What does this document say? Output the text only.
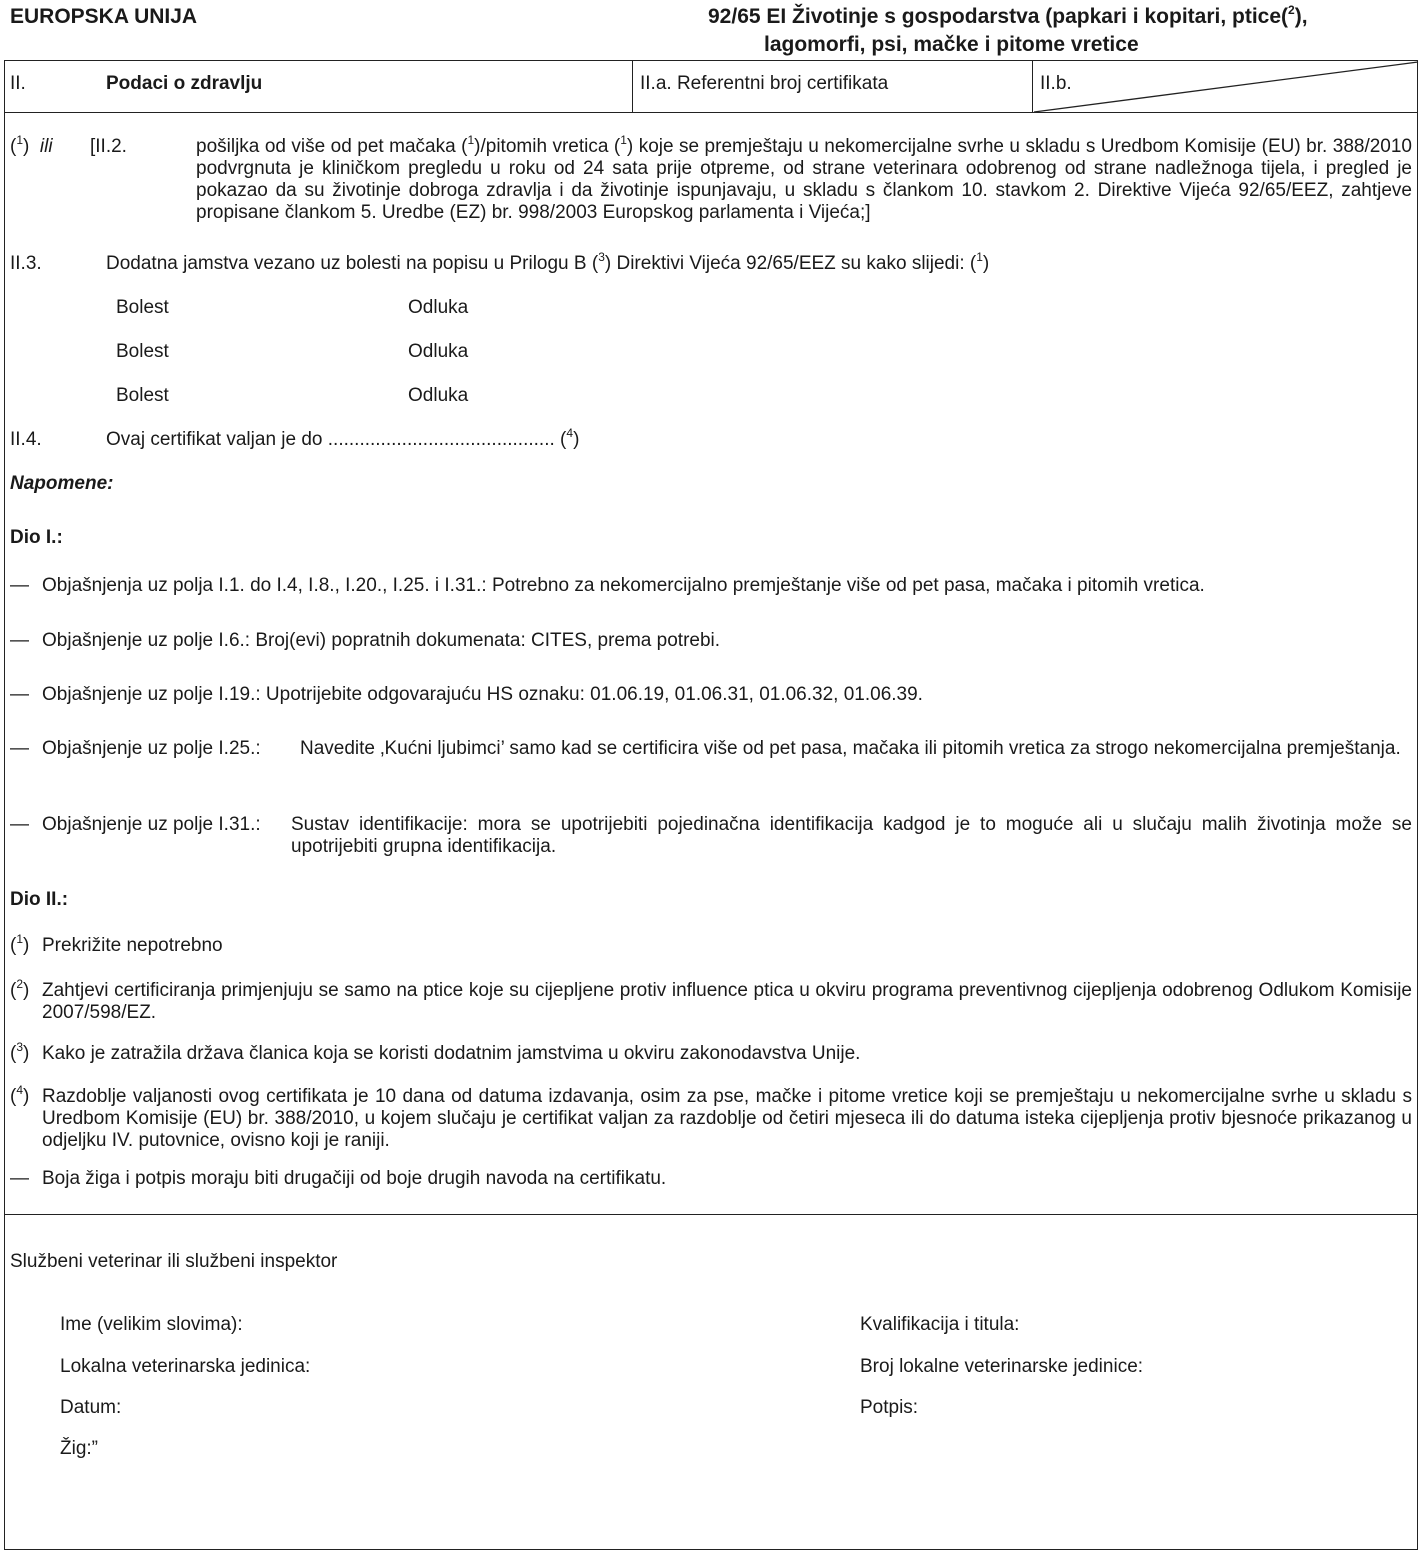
EUROPSKA UNIJA	92/65 EI Životinje s gospodarstva (papkari i kopitari, ptice($^2$),
lagomorfi, psi, mačke i pitome vretice
II.	Podaci o zdravlju	II.a. Referentni broj certifikata	II.b.
($^1$) ili [II.2.	pošiljka od više od pet mačaka ($^1$)/pitomih vretica ($^1$) koje se premještaju u nekomercijalne svrhe u skladu s Uredbom Komisije (EU) br. 388/2010 podvrgnuta je kliničkom pregledu u roku od 24 sata prije otpreme, od strane veterinara odobrenog od strane nadležnoga tijela, i pregled je pokazao da su životinje dobroga zdravlja i da životinje ispunjavaju, u skladu s člankom 10. stavkom 2. Direktive Vijeća 92/65/EEZ, zahtjeve propisane člankom 5. Uredbe (EZ) br. 998/2003 Europskog parlamenta i Vijeća;]
II.3.	Dodatna jamstva vezano uz bolesti na popisu u Prilogu B ($^3$) Direktivi Vijeća 92/65/EEZ su kako slijedi: ($^1$)
Bolest	Odluka
Bolest	Odluka
Bolest	Odluka
II.4.	Ovaj certifikat valjan je do ........................................... ($^4$)
Napomene:
Dio I.:
— Objašnjenja uz polja I.1. do I.4, I.8., I.20., I.25. i I.31.: Potrebno za nekomercijalno premještanje više od pet pasa, mačaka i pitomih vretica.
— Objašnjenje uz polje I.6.: Broj(evi) popratnih dokumenata: CITES, prema potrebi.
— Objašnjenje uz polje I.19.: Upotrijebite odgovarajuću HS oznaku: 01.06.19, 01.06.31, 01.06.32, 01.06.39.
— Objašnjenje uz polje I.25.: Navedite ‚Kućni ljubimci’ samo kad se certificira više od pet pasa, mačaka ili pitomih vretica za strogo nekomercijalna premještanja.
— Objašnjenje uz polje I.31.: Sustav identifikacije: mora se upotrijebiti pojedinačna identifikacija kadgod je to moguće ali u slučaju malih životinja može se upotrijebiti grupna identifikacija.
Dio II.:
($^1$) Prekrižite nepotrebno
($^2$) Zahtjevi certificiranja primjenjuju se samo na ptice koje su cijepljene protiv influence ptica u okviru programa preventivnog cijepljenja odobrenog Odlukom Komisije 2007/598/EZ.
($^3$) Kako je zatražila država članica koja se koristi dodatnim jamstvima u okviru zakonodavstva Unije.
($^4$) Razdoblje valjanosti ovog certifikata je 10 dana od datuma izdavanja, osim za pse, mačke i pitome vretice koji se premještaju u nekomercijalne svrhe u skladu s Uredbom Komisije (EU) br. 388/2010, u kojem slučaju je certifikat valjan za razdoblje od četiri mjeseca ili do datuma isteka cijepljenja protiv bjesnoće prikazanog u odjeljku IV. putovnice, ovisno koji je raniji.
— Boja žiga i potpis moraju biti drugačiji od boje drugih navoda na certifikatu.
Službeni veterinar ili službeni inspektor
Ime (velikim slovima):	Kvalifikacija i titula:
Lokalna veterinarska jedinica:	Broj lokalne veterinarske jedinice:
Datum:	Potpis:
Žig:”
